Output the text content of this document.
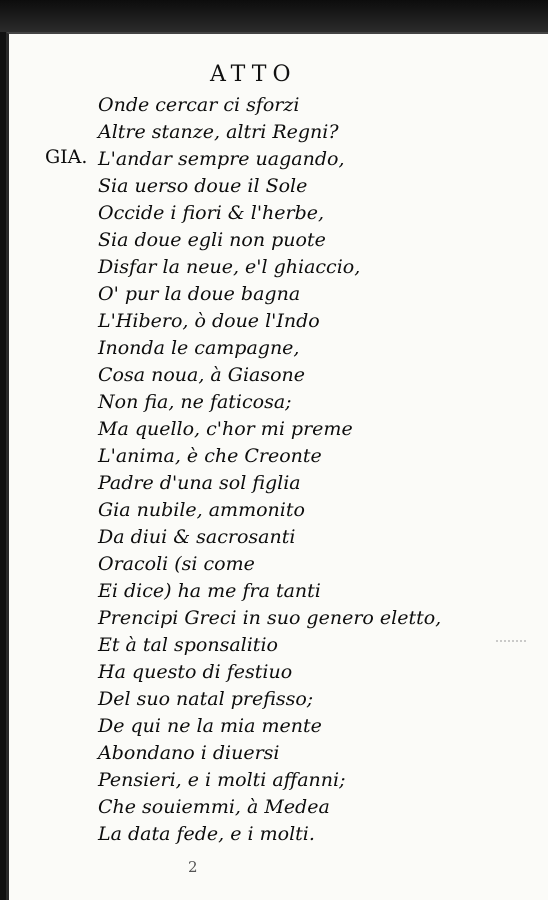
ATTO
GIA.
Onde cercar ci sforzi
Altre stanze, altri Regni?
L'andar sempre uagando,
Sia uerso doue il Sole
Occide i fiori & l'herbe,
Sia doue egli non puote
Disfar la neue, e'l ghiaccio,
O' pur la doue bagna
L'Hibero, ò doue l'Indo
Inonda le campagne,
Cosa noua, à Giasone
Non fia, ne faticosa;
Ma quello, c'hor mi preme
L'anima, è che Creonte
Padre d'una sol figlia
Gia nubile, ammonito
Da diui & sacrosanti
Oracoli (si come
Ei dice) ha me fra tanti
Prencipi Greci in suo genero eletto,
Et à tal sponsalitio
Ha questo di festiuo
Del suo natal prefisso;
De qui ne la mia mente
Abondano i diuersi
Pensieri, e i molti affanni;
Che souiemmi, à Medea
La data fede, e i molti.
2
